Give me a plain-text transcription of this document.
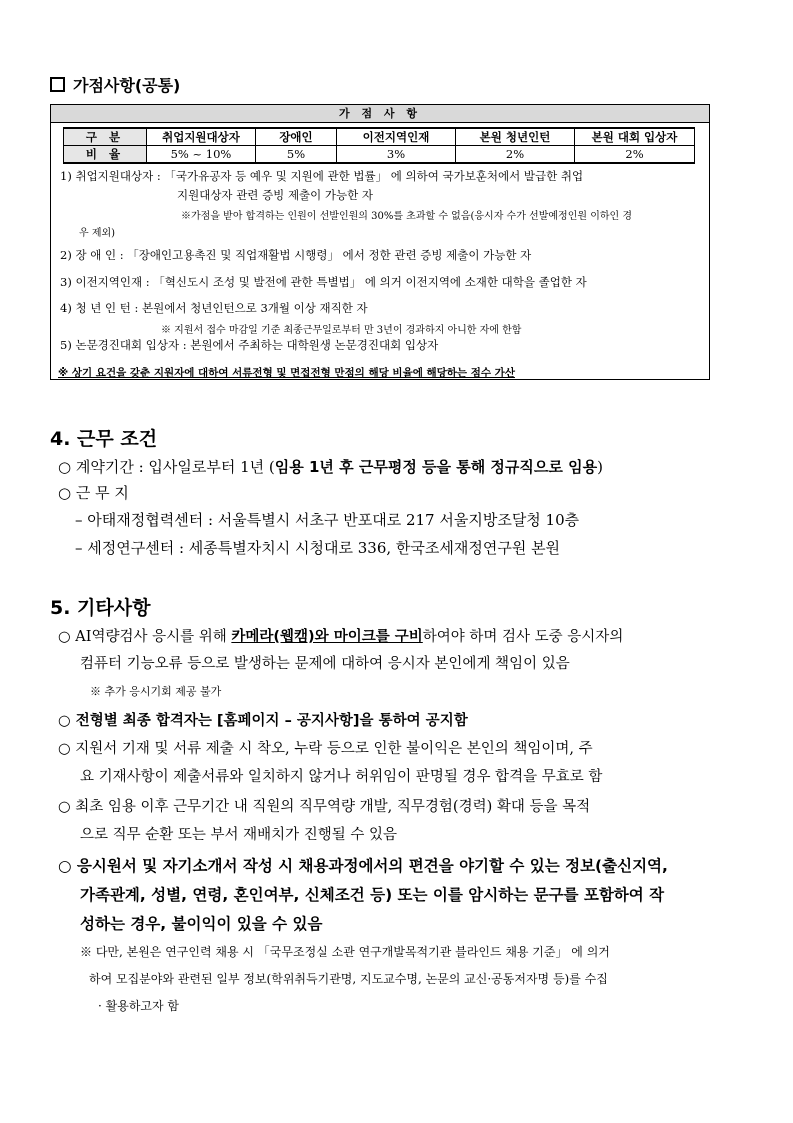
가점사항(공통)
가 점 사 항
구 분	취업지원대상자	장애인	이전지역인재	본원 청년인턴	본원 대회 입상자
비 율	5% ~ 10%	5%	3%	2%	2%
1) 취업지원대상자 : 「국가유공자 등 예우 및 지원에 관한 법률」 에 의하여 국가보훈처에서 발급한 취업
지원대상자 관련 증빙 제출이 가능한 자
※가점을 받아 합격하는 인원이 선발인원의 30%를 초과할 수 없음(응시자 수가 선발예정인원 이하인 경
우 제외)
2) 장 애 인 : 「장애인고용촉진 및 직업재활법 시행령」 에서 정한 관련 증빙 제출이 가능한 자
3) 이전지역인재 : 「혁신도시 조성 및 발전에 관한 특별법」 에 의거 이전지역에 소재한 대학을 졸업한 자
4) 청 년 인 턴 : 본원에서 청년인턴으로 3개월 이상 재직한 자
※ 지원서 접수 마감일 기준 최종근무일로부터 만 3년이 경과하지 아니한 자에 한함
5) 논문경진대회 입상자 : 본원에서 주최하는 대학원생 논문경진대회 입상자
※ 상기 요건을 갖춘 지원자에 대하여 서류전형 및 면접전형 만점의 해당 비율에 해당하는 점수 가산
4. 근무 조건
○ 계약기간 : 입사일로부터 1년 (임용 1년 후 근무평정 등을 통해 정규직으로 임용)
○ 근 무 지
– 아태재정협력센터 : 서울특별시 서초구 반포대로 217 서울지방조달청 10층
– 세정연구센터 : 세종특별자치시 시청대로 336, 한국조세재정연구원 본원
5. 기타사항
○ AI역량검사 응시를 위해 카메라(웹캠)와 마이크를 구비하여야 하며 검사 도중 응시자의
컴퓨터 기능오류 등으로 발생하는 문제에 대하여 응시자 본인에게 책임이 있음
※ 추가 응시기회 제공 불가
○ 전형별 최종 합격자는 [홈페이지 – 공지사항]을 통하여 공지함
○ 지원서 기재 및 서류 제출 시 착오, 누락 등으로 인한 불이익은 본인의 책임이며, 주
요 기재사항이 제출서류와 일치하지 않거나 허위임이 판명될 경우 합격을 무효로 함
○ 최초 임용 이후 근무기간 내 직원의 직무역량 개발, 직무경험(경력) 확대 등을 목적
으로 직무 순환 또는 부서 재배치가 진행될 수 있음
○ 응시원서 및 자기소개서 작성 시 채용과정에서의 편견을 야기할 수 있는 정보(출신지역,
가족관계, 성별, 연령, 혼인여부, 신체조건 등) 또는 이를 암시하는 문구를 포함하여 작
성하는 경우, 불이익이 있을 수 있음
※ 다만, 본원은 연구인력 채용 시 「국무조정실 소관 연구개발목적기관 블라인드 채용 기준」 에 의거
하여 모집분야와 관련된 일부 정보(학위취득기관명, 지도교수명, 논문의 교신·공동저자명 등)를 수집
· 활용하고자 함
